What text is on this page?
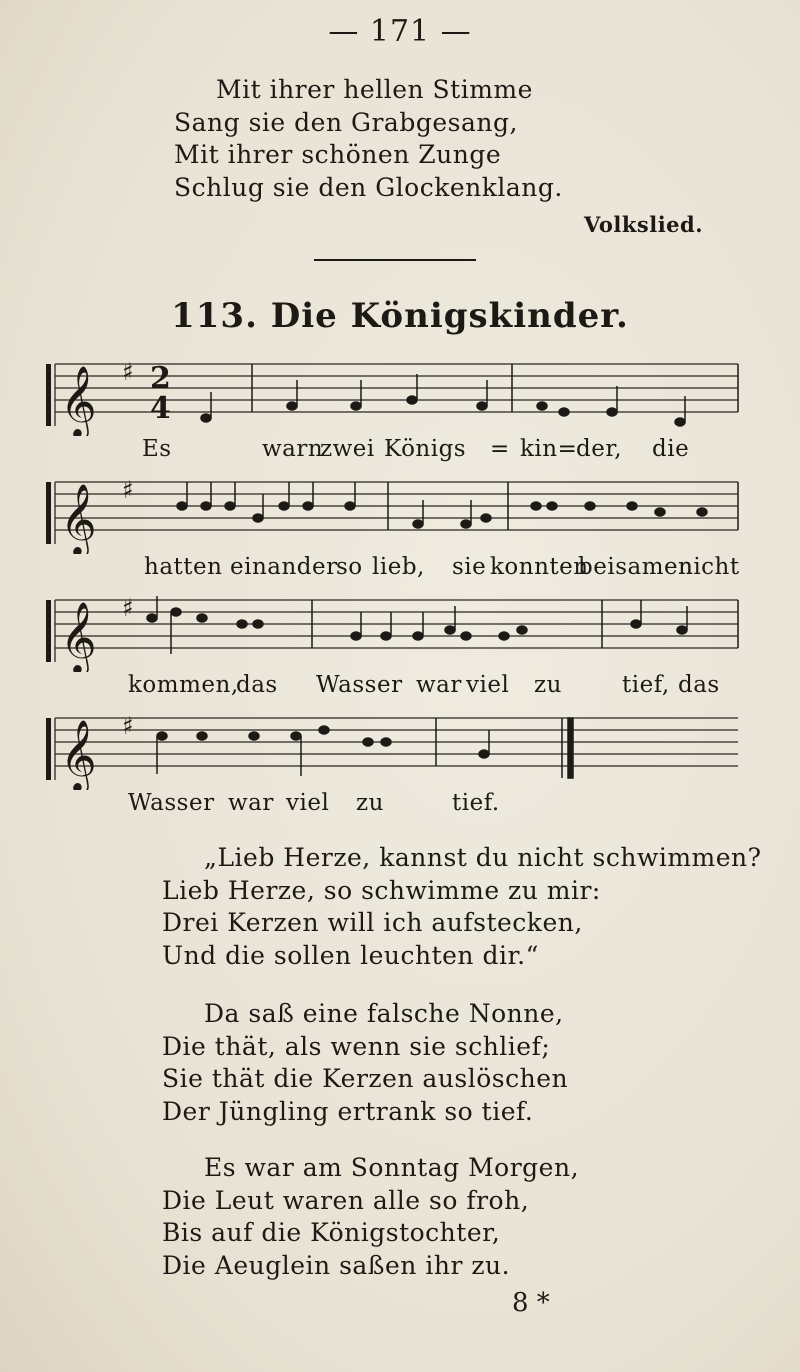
— 171 —
Mit ihrer hellen Stimme
Sang sie den Grabgesang,
Mit ihrer schönen Zunge
Schlug sie den Glockenklang.
Volkslied.
113. Die Königskinder.
𝄞 ♯ 2
4
Es	warn
zwei Königs = kin=
der, die
𝄞 ♯
hatten einander
so lieb, sie konnten
beisamen
nicht
𝄞 ♯
kommen,
das Wasser war viel zu	tief, das
𝄞 ♯
Wasser war viel zu	tief.
„Lieb Herze, kannst du nicht schwimmen?
Lieb Herze, so schwimme zu mir:
Drei Kerzen will ich aufstecken,
Und die sollen leuchten dir.“
Da saß eine falsche Nonne,
Die thät, als wenn sie schlief;
Sie thät die Kerzen auslöschen
Der Jüngling ertrank so tief.
Es war am Sonntag Morgen,
Die Leut waren alle so froh,
Bis auf die Königstochter,
Die Aeuglein saßen ihr zu.
8 *
